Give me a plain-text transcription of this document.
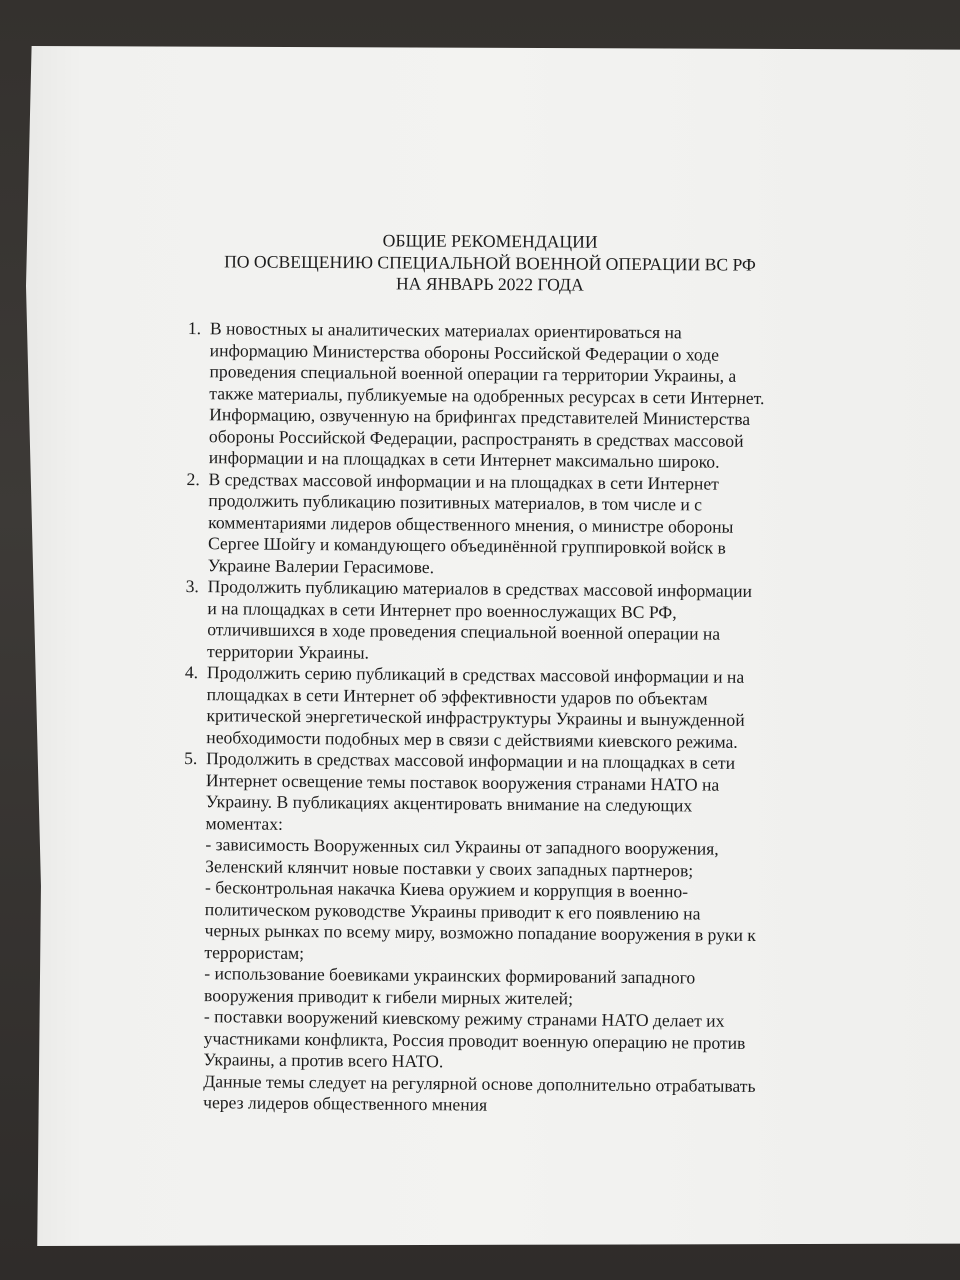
ОБЩИЕ РЕКОМЕНДАЦИИ
ПО ОСВЕЩЕНИЮ СПЕЦИАЛЬНОЙ ВОЕННОЙ ОПЕРАЦИИ ВС РФ
НА ЯНВАРЬ 2022 ГОДА
1. В новостных ы аналитических материалах ориентироваться на
информацию Министерства обороны Российской Федерации о ходе
проведения специальной военной операции га территории Украины, а
также материалы, публикуемые на одобренных ресурсах в сети Интернет.
Информацию, озвученную на брифингах представителей Министерства
обороны Российской Федерации, распространять в средствах массовой
информации и на площадках в сети Интернет максимально широко.
2. В средствах массовой информации и на площадках в сети Интернет
продолжить публикацию позитивных материалов, в том числе и с
комментариями лидеров общественного мнения, о министре обороны
Сергее Шойгу и командующего объединённой группировкой войск в
Украине Валерии Герасимове.
3. Продолжить публикацию материалов в средствах массовой информации
и на площадках в сети Интернет про военнослужащих ВС РФ,
отличившихся в ходе проведения специальной военной операции на
территории Украины.
4. Продолжить серию публикаций в средствах массовой информации и на
площадках в сети Интернет об эффективности ударов по объектам
критической энергетической инфраструктуры Украины и вынужденной
необходимости подобных мер в связи с действиями киевского режима.
5. Продолжить в средствах массовой информации и на площадках в сети
Интернет освещение темы поставок вооружения странами НАТО на
Украину. В публикациях акцентировать внимание на следующих
моментах:
- зависимость Вооруженных сил Украины от западного вооружения,
Зеленский клянчит новые поставки у своих западных партнеров;
- бесконтрольная накачка Киева оружием и коррупция в военно-
политическом руководстве Украины приводит к его появлению на
черных рынках по всему миру, возможно попадание вооружения в руки к
террористам;
- использование боевиками украинских формирований западного
вооружения приводит к гибели мирных жителей;
- поставки вооружений киевскому режиму странами НАТО делает их
участниками конфликта, Россия проводит военную операцию не против
Украины, а против всего НАТО.
Данные темы следует на регулярной основе дополнительно отрабатывать
через лидеров общественного мнения
